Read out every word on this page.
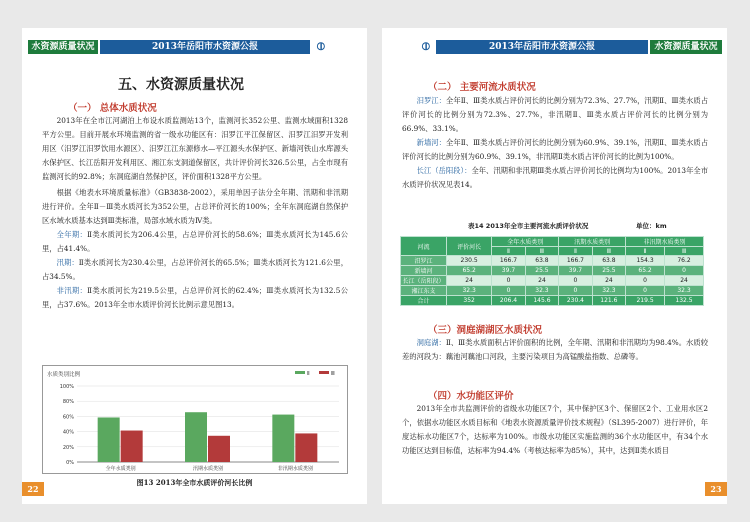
水资源质量状况	2013年岳阳市水资源公报	⦶
五、水资源质量状况
（一） 总体水质状况

2013年在全市江河湖泊上布设水质监测站13个，监测河长352公里、监测水域面积1328平方公里。目前开展水环境监测的省一级水功能区有：汨罗江平江保留区、汨罗江汨罗开发利用区（汨罗江汨罗饮用水源区）、汨罗江江东源修水—平江源头水保护区、新墙河铁山水库源头水保护区、长江岳阳开发利用区、湘江东支洞道保留区，共计评价河长326.5公里，占全市现有监测河长的92.8%；东洞庭湖自然保护区，评价面积1328平方公里。

根据《地表水环境质量标准》（GB3838-2002），采用单因子法分全年期、汛期和非汛期进行评价。全年Ⅱ－Ⅲ类水质河长为352公里，占总评价河长的100%；全年东洞庭湖自然保护区水域水质基本达到Ⅲ类标准，局部水域水质为Ⅳ类。

全年期：Ⅱ类水质河长为206.4公里，占总评价河长的58.6%；Ⅲ类水质河长为145.6公里，占41.4%。

汛期：Ⅱ类水质河长为230.4公里，占总评价河长的65.5%；Ⅲ类水质河长为121.6公里，占34.5%。

非汛期：Ⅱ类水质河长为219.5公里，占总评价河长的62.4%；Ⅲ类水质河长为132.5公里，占37.6%。2013年全市水质评价河长比例示意见图13。

水质类别比例
100%
80%
60%
40%
20%
0%
全年水质类别	汛期水质类别	非汛期水质类别
Ⅱ	Ⅲ
图13 2013年全市水质评价河长比例
22
⦶	2013年岳阳市水资源公报	水资源质量状况
（二） 主要河流水质状况

汨罗江：全年Ⅱ、Ⅲ类水质占评价河长的比例分别为72.3%、27.7%，汛期Ⅱ、Ⅲ类水质占评价河长的比例分别为72.3%、27.7%，非汛期Ⅱ、Ⅲ类水质占评价河长的比例分别为66.9%、33.1%。

新墙河：全年Ⅱ、Ⅲ类水质占评价河长的比例分别为60.9%、39.1%，汛期Ⅱ、Ⅲ类水质占评价河长的比例分别为60.9%、39.1%，非汛期Ⅱ类水质占评价河长的比例为100%。

长江（岳阳段）：全年、汛期和非汛期Ⅲ类水质占评价河长的比例均为100%。2013年全市水质评价状况见表14。

表14 2013年全市主要河流水质评价状况	单位：km
河流	评价河长	全年水质类别		汛期水质类别		非汛期水质类别	
		Ⅱ	Ⅲ	Ⅱ	Ⅲ	Ⅱ	Ⅲ
汨罗江	230.5	166.7	63.8	166.7	63.8	154.3	76.2
新墙河	65.2	39.7	25.5	39.7	25.5	65.2	0
长江（岳阳段）	24	0	24	0	24	0	24
湘江东支	32.3	0	32.3	0	32.3	0	32.3
合计	352	206.4	145.6	230.4	121.6	219.5	132.5
（三）洞庭湖湖区水质状况

洞庭湖：Ⅱ、Ⅲ类水质面积占评价面积的比例，全年期、汛期和非汛期均为98.4%。水质较差的河段为：藕池河藕池口河段，主要污染项目为高锰酸盐指数、总磷等。

（四）水功能区评价

2013年全市共监测评价的省级水功能区7个，其中保护区3个、保留区2个、工业用水区2个，依据水功能区水质目标和《地表水资源质量评价技术规程》（SL395-2007）进行评价，年度达标水功能区7个，达标率为100%。市级水功能区实施监测的36个水功能区中，有34个水功能区达到目标值，达标率为94.4%（考核达标率为85%），其中，达到Ⅱ类水质目

23
